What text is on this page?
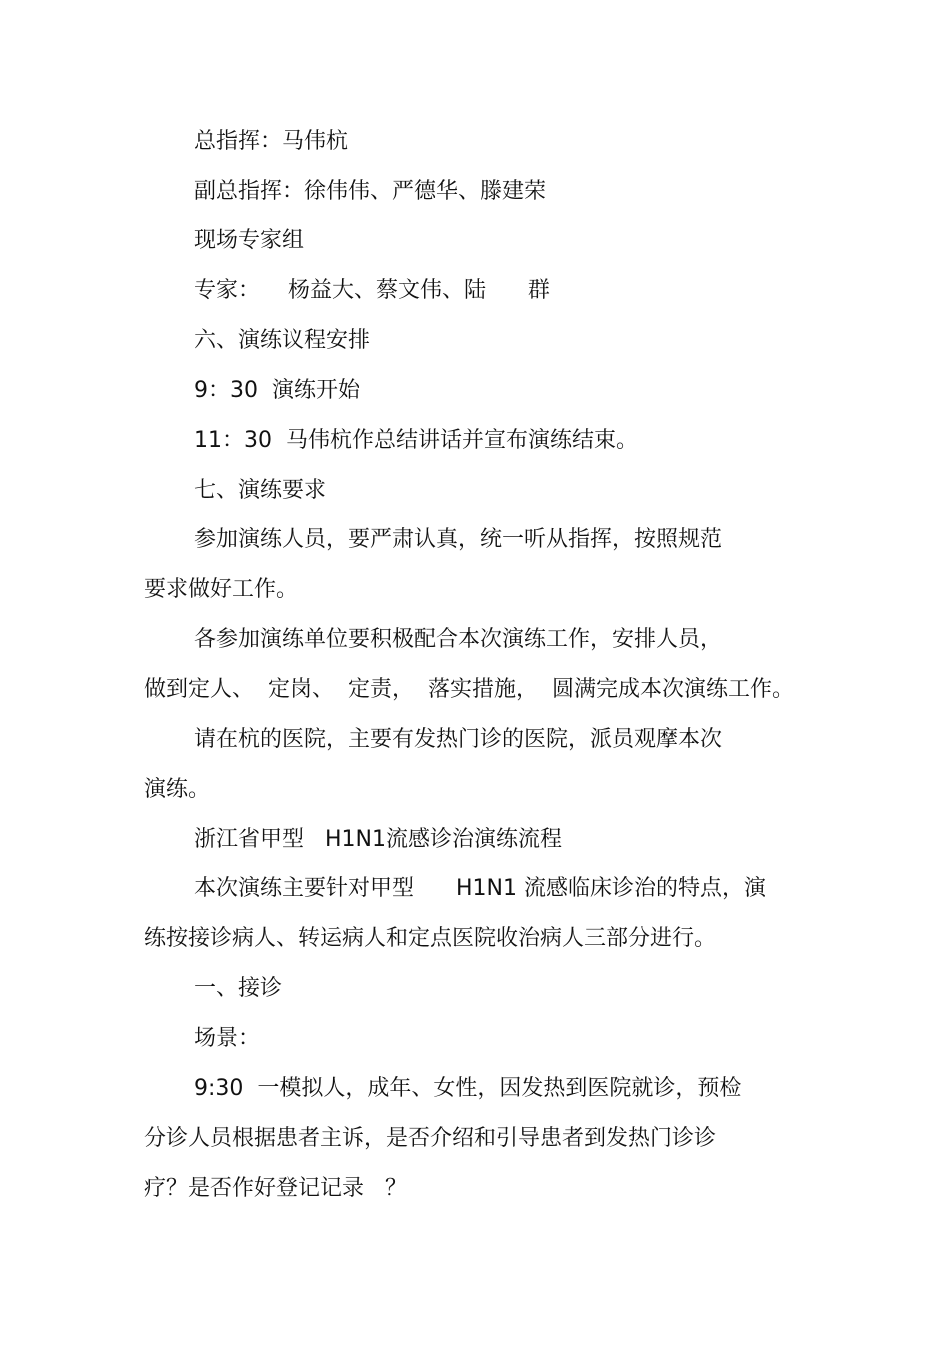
总指挥：马伟杭
副总指挥：徐伟伟、严德华、滕建荣
现场专家组
专家：    杨益大、蔡文伟、陆      群
六、演练议程安排
9：30  演练开始
11：30  马伟杭作总结讲话并宣布演练结束。
七、演练要求
参加演练人员，要严肃认真，统一听从指挥，按照规范
要求做好工作。
各参加演练单位要积极配合本次演练工作，安排人员，
做到定人、  定岗、  定责，  落实措施，  圆满完成本次演练工作。
请在杭的医院，主要有发热门诊的医院，派员观摩本次
演练。
浙江省甲型   H1N1流感诊治演练流程
本次演练主要针对甲型      H1N1 流感临床诊治的特点，演
练按接诊病人、转运病人和定点医院收治病人三部分进行。
一、接诊
场景：
9:30  一模拟人，成年、女性，因发热到医院就诊，预检
分诊人员根据患者主诉，是否介绍和引导患者到发热门诊诊
疗？是否作好登记记录   ？
